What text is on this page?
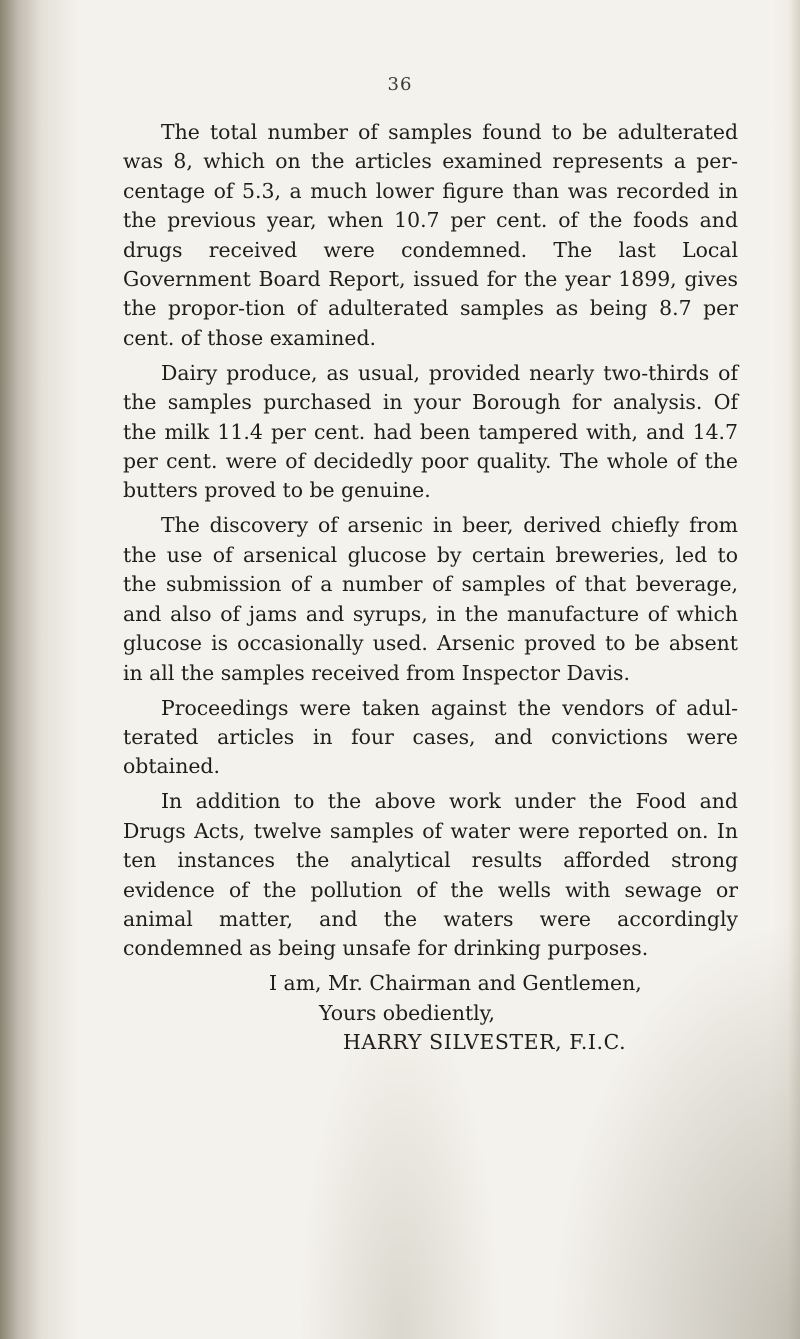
36

The total number of samples found to be adulterated was 8, which on the articles examined represents a per-centage of 5.3, a much lower figure than was recorded in the previous year, when 10.7 per cent. of the foods and drugs received were condemned. The last Local Government Board Report, issued for the year 1899, gives the propor-tion of adulterated samples as being 8.7 per cent. of those examined.

Dairy produce, as usual, provided nearly two-thirds of the samples purchased in your Borough for analysis. Of the milk 11.4 per cent. had been tampered with, and 14.7 per cent. were of decidedly poor quality. The whole of the butters proved to be genuine.

The discovery of arsenic in beer, derived chiefly from the use of arsenical glucose by certain breweries, led to the submission of a number of samples of that beverage, and also of jams and syrups, in the manufacture of which glucose is occasionally used. Arsenic proved to be absent in all the samples received from Inspector Davis.

Proceedings were taken against the vendors of adul-terated articles in four cases, and convictions were obtained.

In addition to the above work under the Food and Drugs Acts, twelve samples of water were reported on. In ten instances the analytical results afforded strong evidence of the pollution of the wells with sewage or animal matter, and the waters were accordingly condemned as being unsafe for drinking purposes.

I am, Mr. Chairman and Gentlemen,
Yours obediently,
HARRY SILVESTER, F.I.C.
